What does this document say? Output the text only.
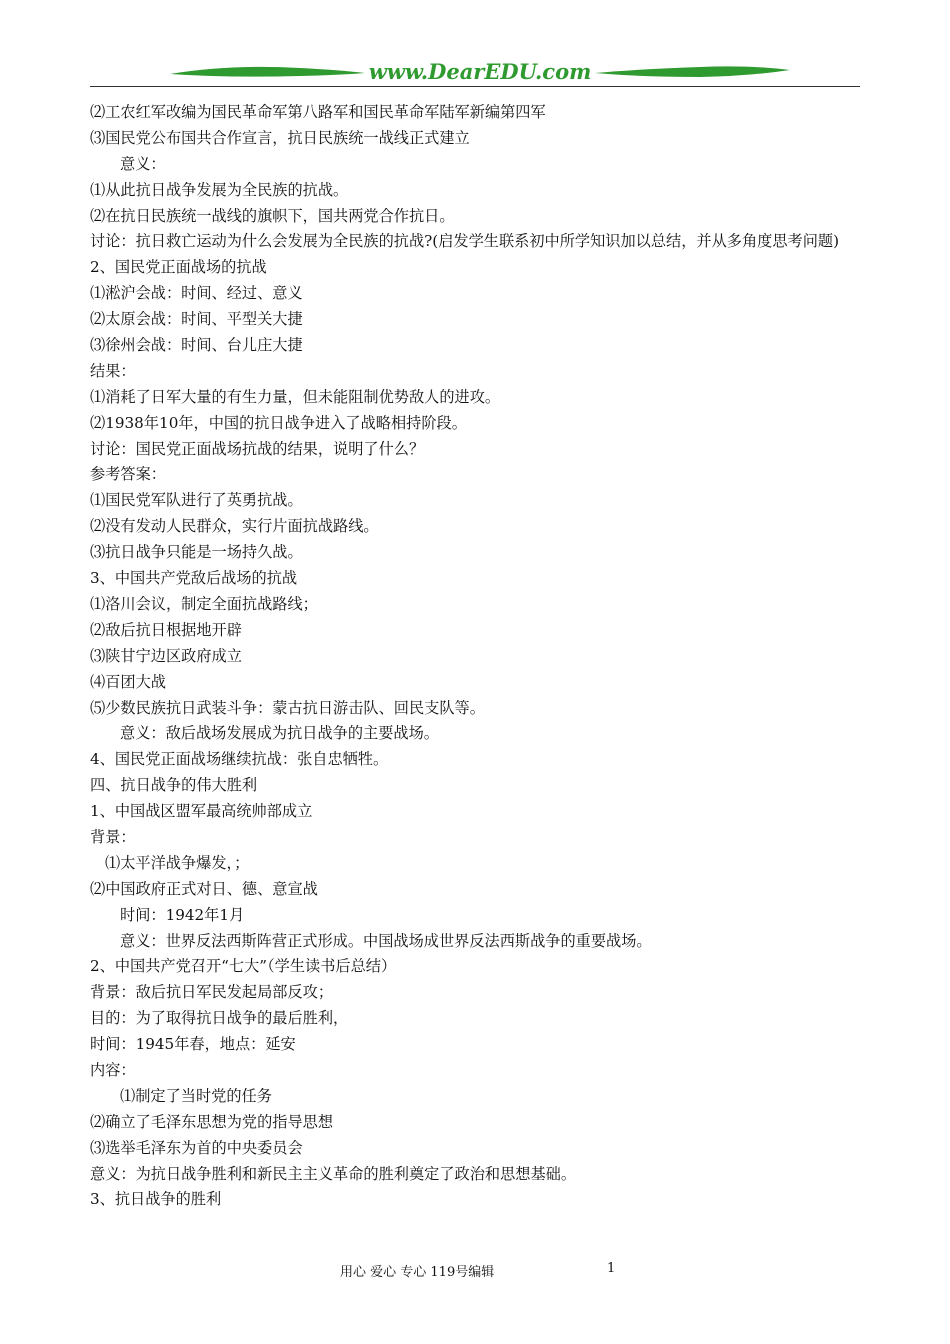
www.DearEDU.com
⑵工农红军改编为国民革命军第八路军和国民革命军陆军新编第四军
⑶国民党公布国共合作宣言，抗日民族统一战线正式建立
意义：
⑴从此抗日战争发展为全民族的抗战。
⑵在抗日民族统一战线的旗帜下，国共两党合作抗日。
讨论：抗日救亡运动为什么会发展为全民族的抗战?(启发学生联系初中所学知识加以总结，并从多角度思考问题)
2、国民党正面战场的抗战
⑴淞沪会战：时间、经过、意义
⑵太原会战：时间、平型关大捷
⑶徐州会战：时间、台儿庄大捷
结果：
⑴消耗了日军大量的有生力量，但未能阻制优势敌人的进攻。
⑵1938年10年，中国的抗日战争进入了战略相持阶段。
讨论：国民党正面战场抗战的结果，说明了什么？
参考答案：
⑴国民党军队进行了英勇抗战。
⑵没有发动人民群众，实行片面抗战路线。
⑶抗日战争只能是一场持久战。
3、中国共产党敌后战场的抗战
⑴洛川会议，制定全面抗战路线；
⑵敌后抗日根据地开辟
⑶陕甘宁边区政府成立
⑷百团大战
⑸少数民族抗日武装斗争：蒙古抗日游击队、回民支队等。
意义：敌后战场发展成为抗日战争的主要战场。
4、国民党正面战场继续抗战：张自忠牺牲。
四、抗日战争的伟大胜利
1、中国战区盟军最高统帅部成立
背景：
⑴太平洋战争爆发，；
⑵中国政府正式对日、德、意宣战
时间：1942年1月
意义：世界反法西斯阵营正式形成。中国战场成世界反法西斯战争的重要战场。
2、中国共产党召开“七大”（学生读书后总结）
背景：敌后抗日军民发起局部反攻；
目的：为了取得抗日战争的最后胜利，
时间：1945年春，地点：延安
内容：
⑴制定了当时党的任务
⑵确立了毛泽东思想为党的指导思想
⑶选举毛泽东为首的中央委员会
意义：为抗日战争胜利和新民主主义革命的胜利奠定了政治和思想基础。
3、抗日战争的胜利
用心 爱心 专心 119号编辑	1
